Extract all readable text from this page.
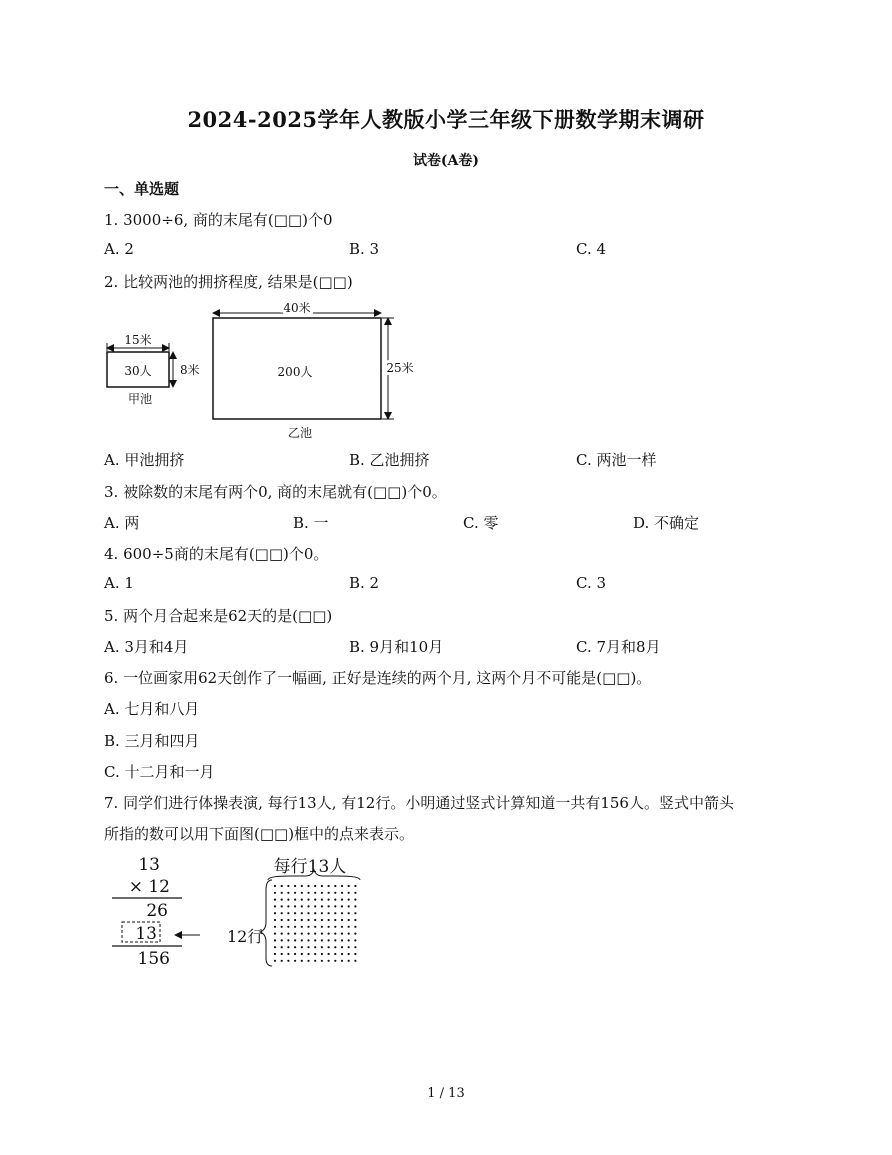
2024-2025学年人教版小学三年级下册数学期末调研
试卷(A卷)
一、单选题
1. 3000÷6, 商的末尾有(□□)个0
A. 2	B. 3	C. 4
2. 比较两池的拥挤程度, 结果是(□□)
15米
30人 8米
甲池
40米
200人	25米
乙池
A. 甲池拥挤	B. 乙池拥挤	C. 两池一样
3. 被除数的末尾有两个0, 商的末尾就有(□□)个0。
A. 两	B. 一	C. 零	D. 不确定
4. 600÷5商的末尾有(□□)个0。
A. 1	B. 2	C. 3
5. 两个月合起来是62天的是(□□)
A. 3月和4月	B. 9月和10月	C. 7月和8月
6. 一位画家用62天创作了一幅画, 正好是连续的两个月, 这两个月不可能是(□□)。
A. 七月和八月
B. 三月和四月
C. 十二月和一月
7. 同学们进行体操表演, 每行13人, 有12行。小明通过竖式计算知道一共有156人。竖式中箭头
所指的数可以用下面图(□□)框中的点来表示。
13
× 12
26
13
156
每行13人
12行
1 / 13
